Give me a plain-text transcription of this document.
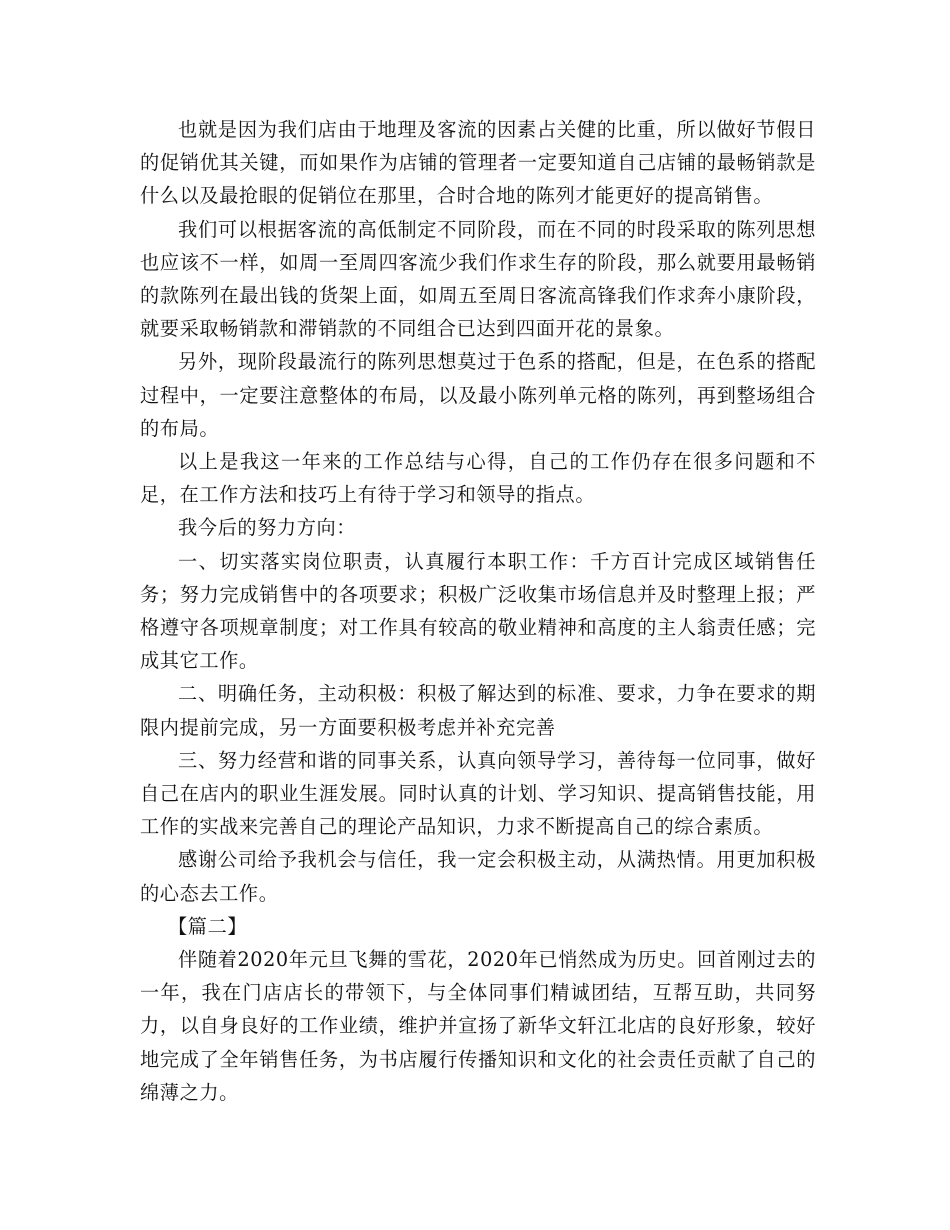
也就是因为我们店由于地理及客流的因素占关健的比重，所以做好节假日的促销优其关键，而如果作为店铺的管理者一定要知道自己店铺的最畅销款是什么以及最抢眼的促销位在那里，合时合地的陈列才能更好的提高销售。

我们可以根据客流的高低制定不同阶段，而在不同的时段采取的陈列思想也应该不一样，如周一至周四客流少我们作求生存的阶段，那么就要用最畅销的款陈列在最出钱的货架上面，如周五至周日客流高锋我们作求奔小康阶段，就要采取畅销款和滞销款的不同组合已达到四面开花的景象。

另外，现阶段最流行的陈列思想莫过于色系的搭配，但是，在色系的搭配过程中，一定要注意整体的布局，以及最小陈列单元格的陈列，再到整场组合的布局。

以上是我这一年来的工作总结与心得，自己的工作仍存在很多问题和不足，在工作方法和技巧上有待于学习和领导的指点。

我今后的努力方向：

一、切实落实岗位职责，认真履行本职工作：千方百计完成区域销售任务；努力完成销售中的各项要求；积极广泛收集市场信息并及时整理上报；严格遵守各项规章制度；对工作具有较高的敬业精神和高度的主人翁责任感；完成其它工作。

二、明确任务，主动积极：积极了解达到的标准、要求，力争在要求的期限内提前完成，另一方面要积极考虑并补充完善

三、努力经营和谐的同事关系，认真向领导学习，善待每一位同事，做好自己在店内的职业生涯发展。同时认真的计划、学习知识、提高销售技能，用工作的实战来完善自己的理论产品知识，力求不断提高自己的综合素质。

感谢公司给予我机会与信任，我一定会积极主动，从满热情。用更加积极的心态去工作。

【篇二】

伴随着2020年元旦飞舞的雪花，2020年已悄然成为历史。回首刚过去的一年，我在门店店长的带领下，与全体同事们精诚团结，互帮互助，共同努力，以自身良好的工作业绩，维护并宣扬了新华文轩江北店的良好形象，较好地完成了全年销售任务，为书店履行传播知识和文化的社会责任贡献了自己的绵薄之力。
